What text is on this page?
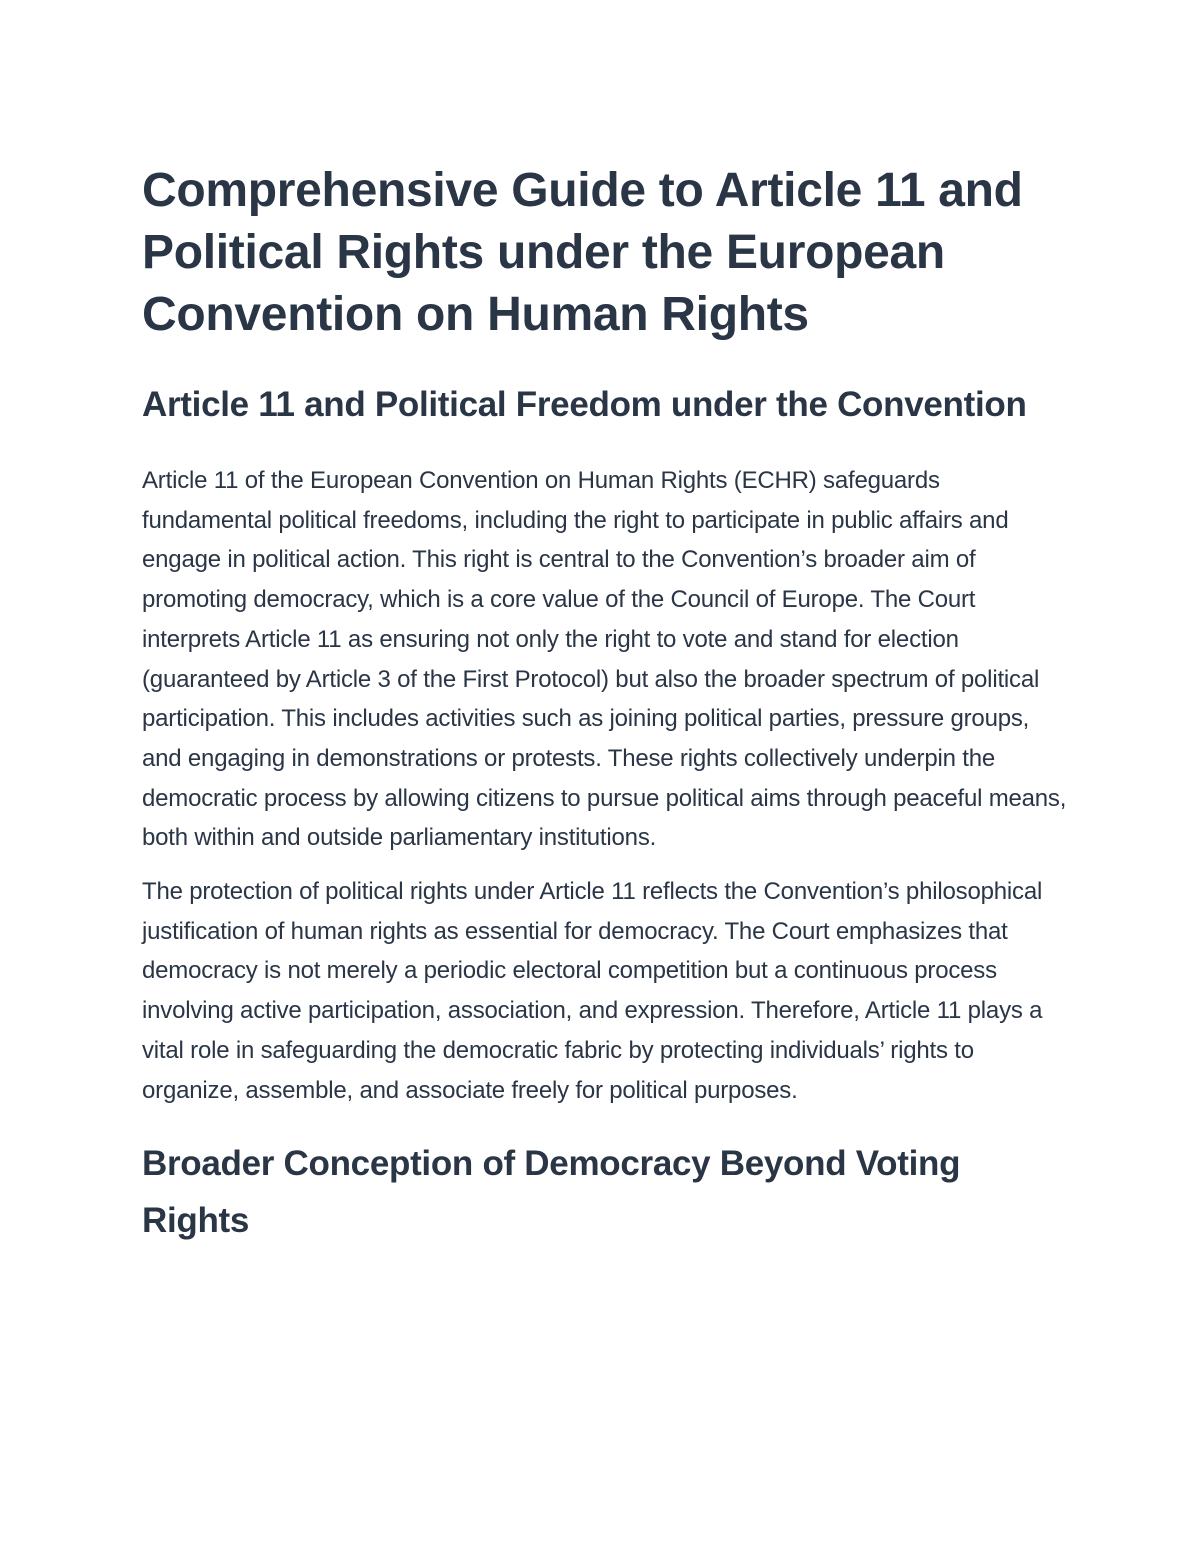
Comprehensive Guide to Article 11 and Political Rights under the European Convention on Human Rights
Article 11 and Political Freedom under the Convention

Article 11 of the European Convention on Human Rights (ECHR) safeguards fundamental political freedoms, including the right to participate in public affairs and engage in political action. This right is central to the Convention’s broader aim of promoting democracy, which is a core value of the Council of Europe. The Court interprets Article 11 as ensuring not only the right to vote and stand for election (guaranteed by Article 3 of the First Protocol) but also the broader spectrum of political participation. This includes activities such as joining political parties, pressure groups, and engaging in demonstrations or protests. These rights collectively underpin the democratic process by allowing citizens to pursue political aims through peaceful means, both within and outside parliamentary institutions.

The protection of political rights under Article 11 reflects the Convention’s philosophical justification of human rights as essential for democracy. The Court emphasizes that democracy is not merely a periodic electoral competition but a continuous process involving active participation, association, and expression. Therefore, Article 11 plays a vital role in safeguarding the democratic fabric by protecting individuals’ rights to organize, assemble, and associate freely for political purposes.

Broader Conception of Democracy Beyond Voting Rights
